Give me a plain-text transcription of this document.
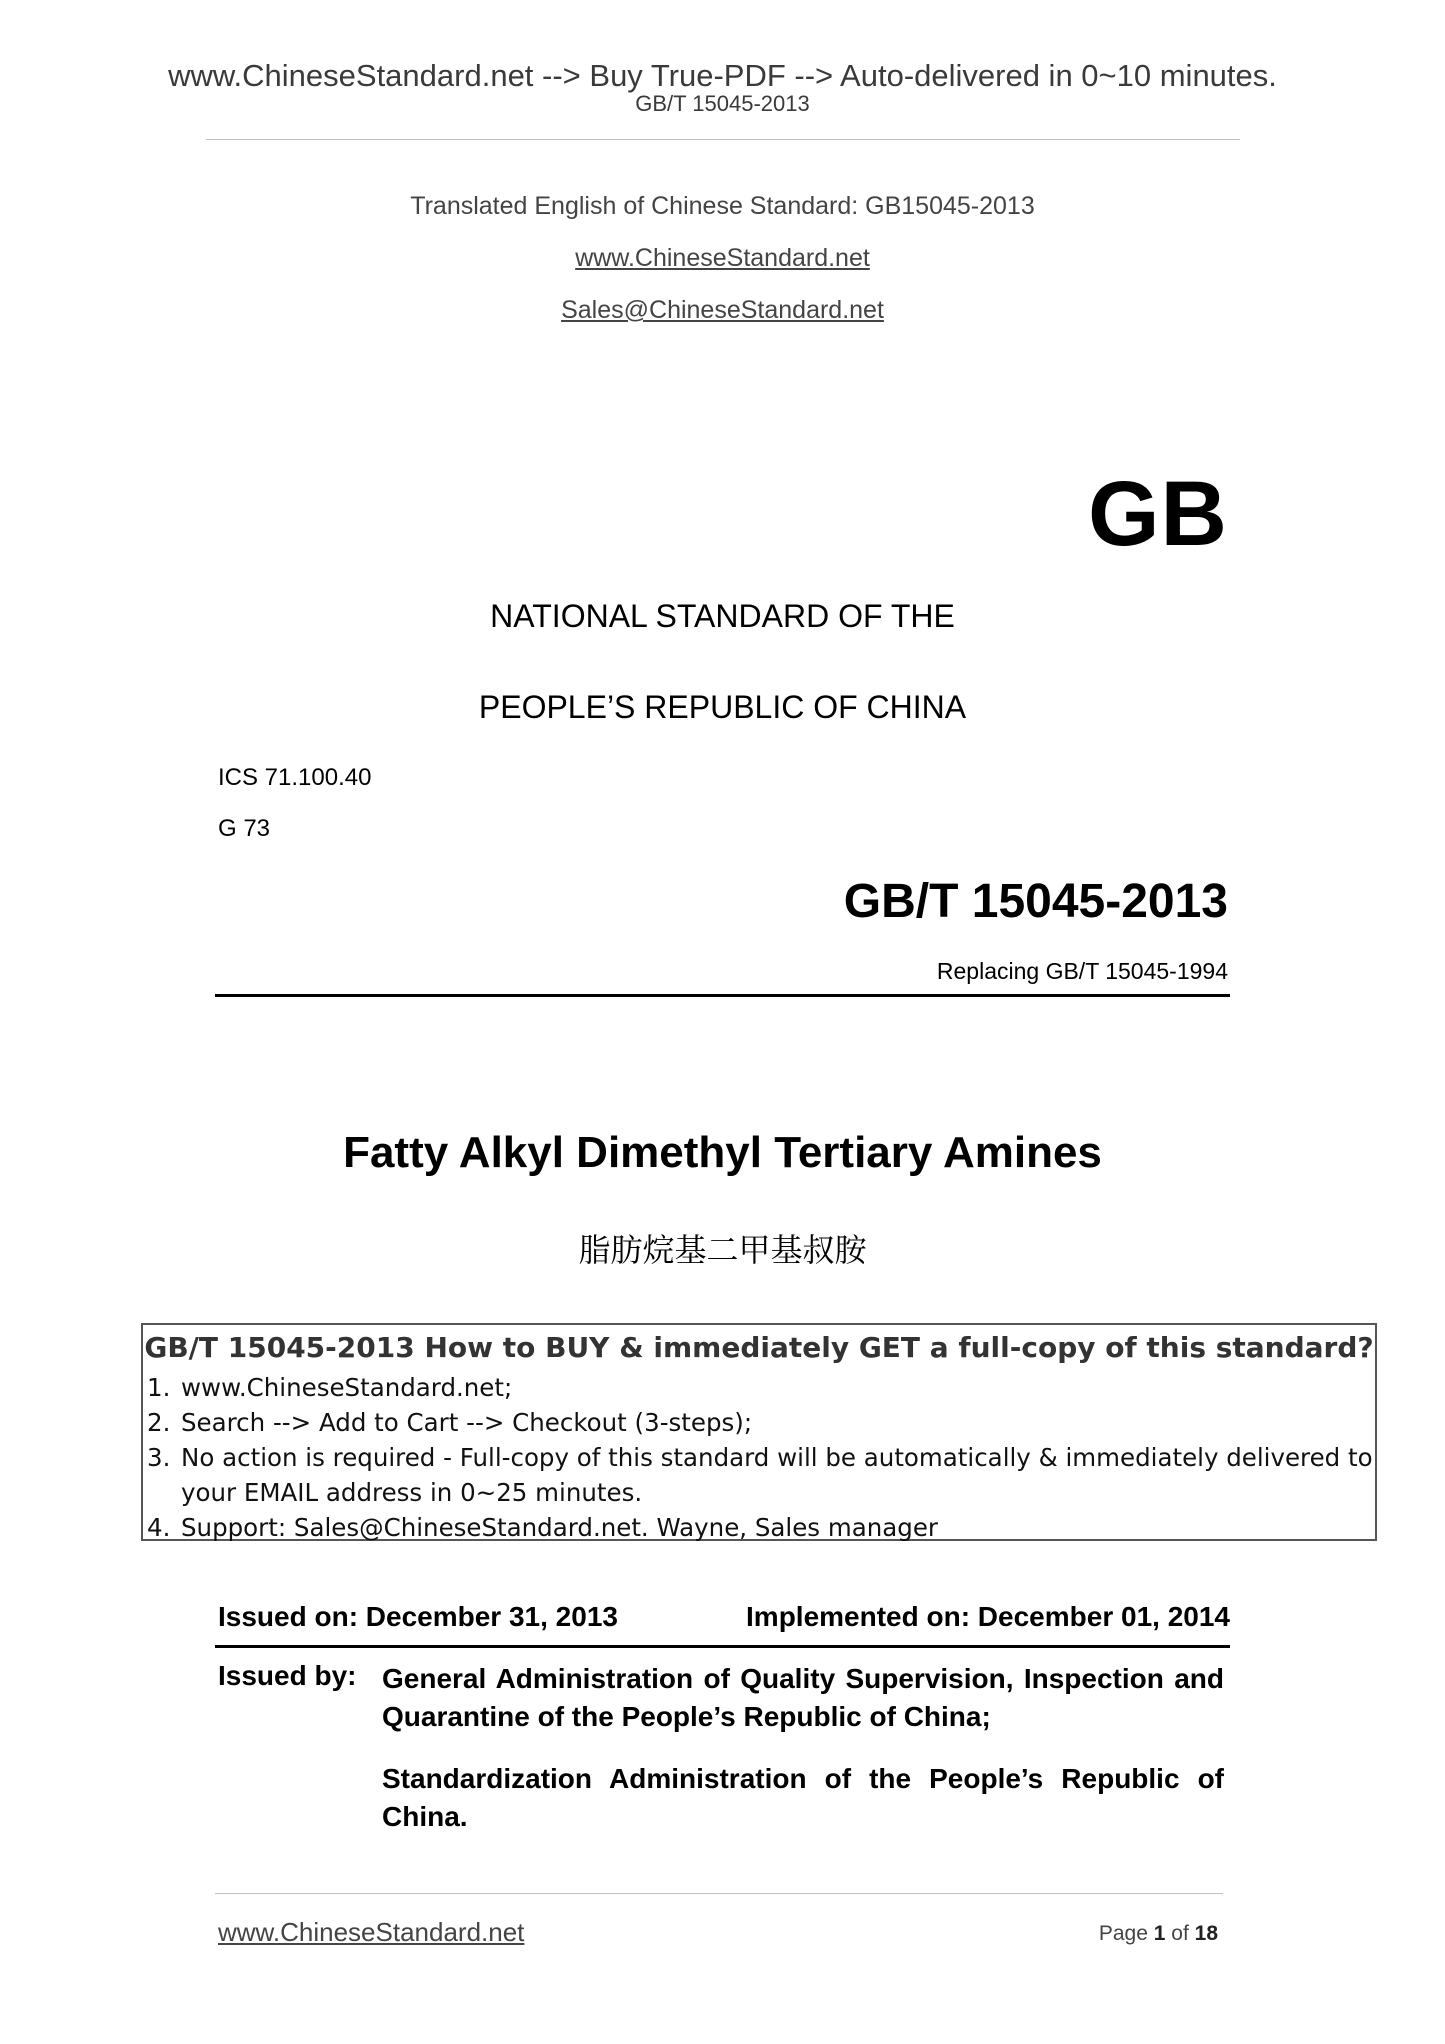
www.ChineseStandard.net --> Buy True-PDF --> Auto-delivered in 0~10 minutes.
GB/T 15045-2013
Translated English of Chinese Standard: GB15045-2013
www.ChineseStandard.net
Sales@ChineseStandard.net
GB
NATIONAL STANDARD OF THE
PEOPLE’S REPUBLIC OF CHINA
ICS 71.100.40
G 73
GB/T 15045-2013
Replacing GB/T 15045-1994
Fatty Alkyl Dimethyl Tertiary Amines
脂肪烷基二甲基叔胺
GB/T 15045-2013 How to BUY & immediately GET a full-copy of this standard?
1. www.ChineseStandard.net;
2. Search --> Add to Cart --> Checkout (3-steps);
3. No action is required - Full-copy of this standard will be automatically & immediately delivered to
your EMAIL address in 0~25 minutes.
4. Support: Sales@ChineseStandard.net. Wayne, Sales manager
Issued on: December 31, 2013	Implemented on: December 01, 2014
Issued by: General Administration of Quality Supervision, Inspection and Quarantine of the People’s Republic of China;
Standardization Administration of the People’s Republic of China.
www.ChineseStandard.net	Page 1 of 18
